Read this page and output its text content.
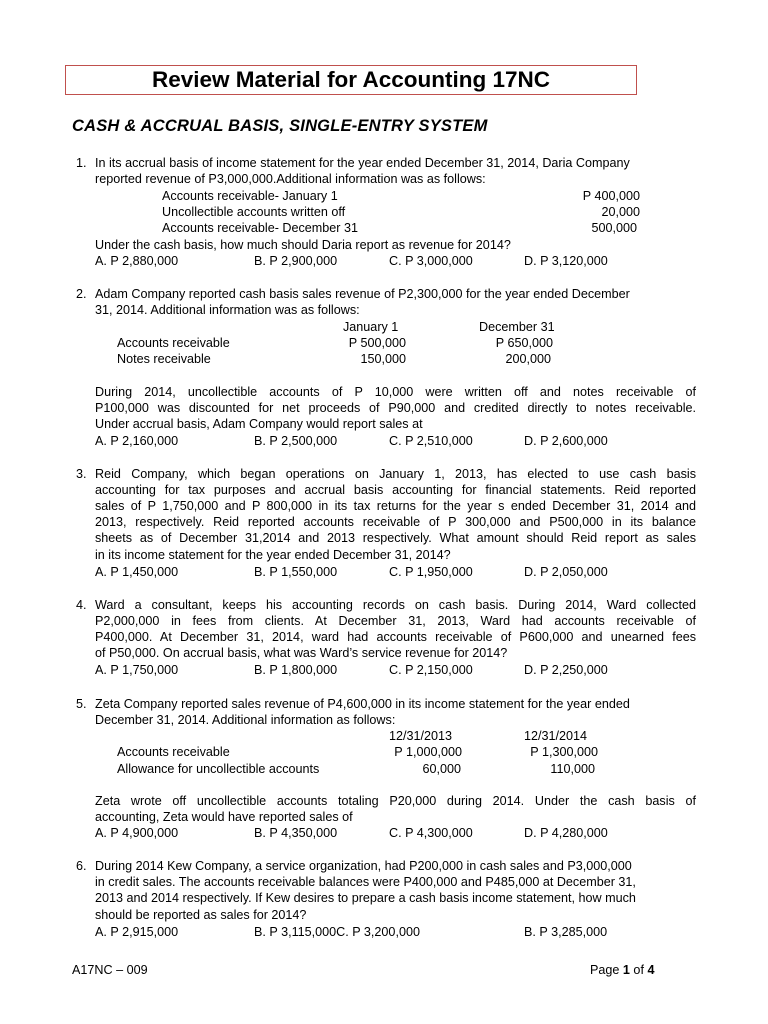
Review Material for Accounting 17NC
CASH & ACCRUAL BASIS, SINGLE-ENTRY SYSTEM
1. In its accrual basis of income statement for the year ended December 31, 2014, Daria Company
reported revenue of P3,000,000.Additional information was as follows:
Accounts receivable- January 1	P 400,000
Uncollectible accounts written off	20,000
Accounts receivable- December 31	500,000
Under the cash basis, how much should Daria report as revenue for 2014?
A. P 2,880,000	B. P 2,900,000	C. P 3,000,000	D. P 3,120,000
2. Adam Company reported cash basis sales revenue of P2,300,000 for the year ended December
31, 2014. Additional information was as follows:
January 1	December 31
Accounts receivable	P 500,000	P 650,000
Notes receivable	150,000	200,000
During 2014, uncollectible accounts of P 10,000 were written off and notes receivable of
P100,000 was discounted for net proceeds of P90,000 and credited directly to notes receivable.
Under accrual basis, Adam Company would report sales at
A. P 2,160,000	B. P 2,500,000	C. P 2,510,000	D. P 2,600,000
3. Reid Company, which began operations on January 1, 2013, has elected to use cash basis
accounting for tax purposes and accrual basis accounting for financial statements. Reid reported
sales of P 1,750,000 and P 800,000 in its tax returns for the year s ended December 31, 2014 and
2013, respectively. Reid reported accounts receivable of P 300,000 and P500,000 in its balance
sheets as of December 31,2014 and 2013 respectively. What amount should Reid report as sales
in its income statement for the year ended December 31, 2014?
A. P 1,450,000	B. P 1,550,000	C. P 1,950,000	D. P 2,050,000
4. Ward a consultant, keeps his accounting records on cash basis. During 2014, Ward collected
P2,000,000 in fees from clients. At December 31, 2013, Ward had accounts receivable of
P400,000. At December 31, 2014, ward had accounts receivable of P600,000 and unearned fees
of P50,000. On accrual basis, what was Ward’s service revenue for 2014?
A. P 1,750,000	B. P 1,800,000	C. P 2,150,000	D. P 2,250,000
5. Zeta Company reported sales revenue of P4,600,000 in its income statement for the year ended
December 31, 2014. Additional information as follows:
12/31/2013	12/31/2014
Accounts receivable	P 1,000,000	P 1,300,000
Allowance for uncollectible accounts	60,000	110,000
Zeta wrote off uncollectible accounts totaling P20,000 during 2014. Under the cash basis of
accounting, Zeta would have reported sales of
A. P 4,900,000	B. P 4,350,000	C. P 4,300,000	D. P 4,280,000
6. During 2014 Kew Company, a service organization, had P200,000 in cash sales and P3,000,000
in credit sales. The accounts receivable balances were P400,000 and P485,000 at December 31,
2013 and 2014 respectively. If Kew desires to prepare a cash basis income statement, how much
should be reported as sales for 2014?
A. P 2,915,000	B. P 3,115,000C. P 3,200,000	B. P 3,285,000
A17NC – 009	Page 1 of 4
